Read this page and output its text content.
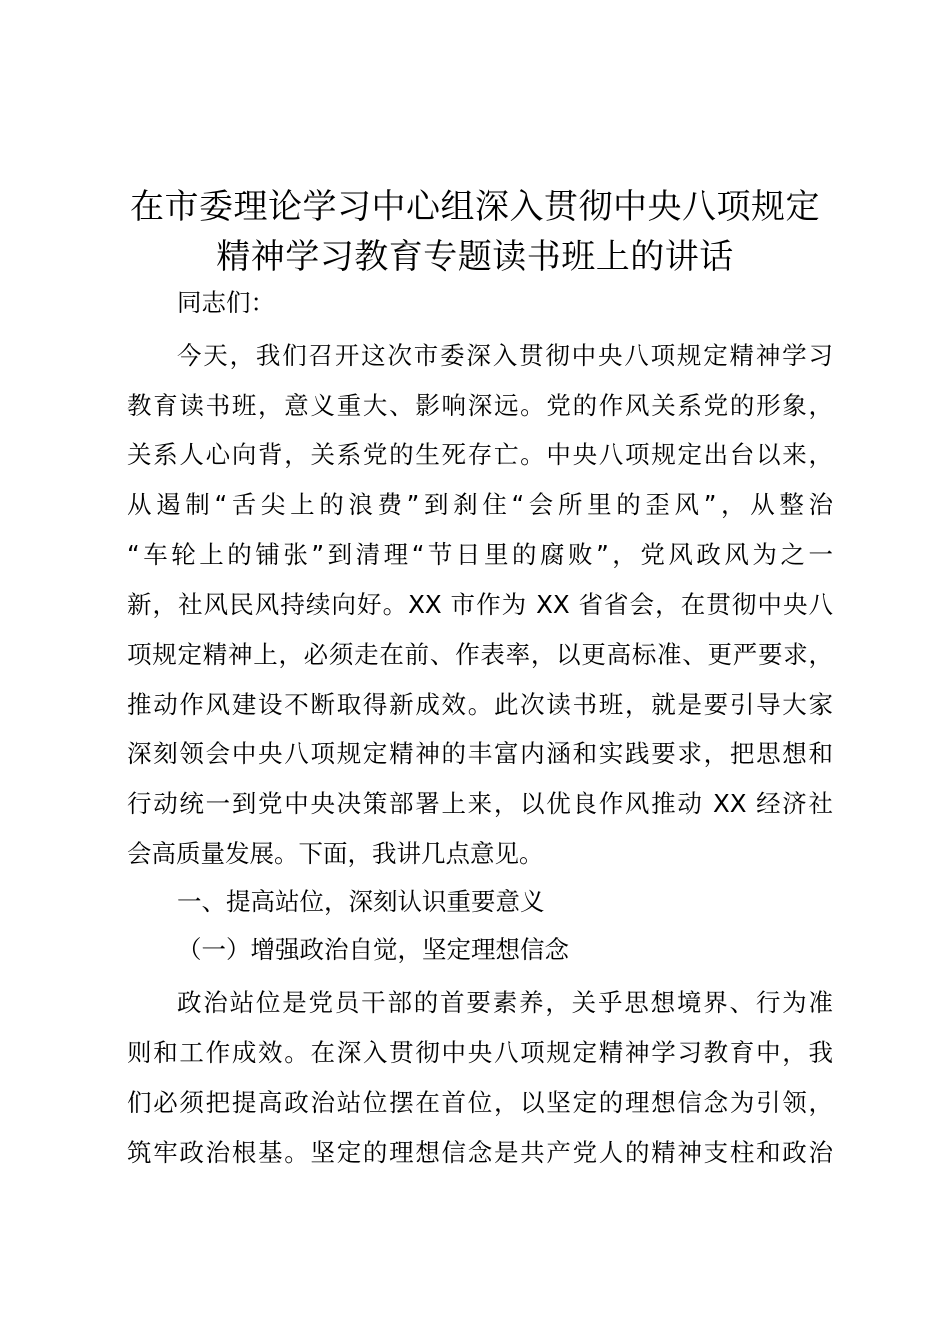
在市委理论学习中心组深入贯彻中央八项规定
精神学习教育专题读书班上的讲话
同志们：
今天，我们召开这次市委深入贯彻中央八项规定精神学习
教育读书班，意义重大、影响深远。党的作风关系党的形象，
关系人心向背，关系党的生死存亡。中央八项规定出台以来，
从遏制“舌尖上的浪费”到刹住“会所里的歪风”，从整治
“车轮上的铺张”到清理“节日里的腐败”，党风政风为之一
新，社风民风持续向好。XX 市作为 XX 省省会，在贯彻中央八
项规定精神上，必须走在前、作表率，以更高标准、更严要求，
推动作风建设不断取得新成效。此次读书班，就是要引导大家
深刻领会中央八项规定精神的丰富内涵和实践要求，把思想和
行动统一到党中央决策部署上来，以优良作风推动 XX 经济社
会高质量发展。下面，我讲几点意见。
一、提高站位，深刻认识重要意义
（一）增强政治自觉，坚定理想信念
政治站位是党员干部的首要素养，关乎思想境界、行为准
则和工作成效。在深入贯彻中央八项规定精神学习教育中，我
们必须把提高政治站位摆在首位，以坚定的理想信念为引领，
筑牢政治根基。坚定的理想信念是共产党人的精神支柱和政治
